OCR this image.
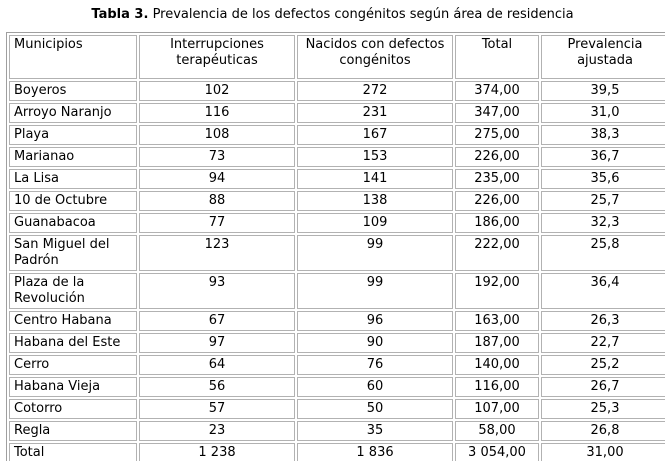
Tabla 3. Prevalencia de los defectos congénitos según área de residencia
Municipios	Interrupciones terapéuticas	Nacidos con defectos congénitos	Total	Prevalencia ajustada
Boyeros	102	272	374,00	39,5
Arroyo Naranjo	116	231	347,00	31,0
Playa	108	167	275,00	38,3
Marianao	73	153	226,00	36,7
La Lisa	94	141	235,00	35,6
10 de Octubre	88	138	226,00	25,7
Guanabacoa	77	109	186,00	32,3
San Miguel del Padrón	123	99	222,00	25,8
Plaza de la Revolución	93	99	192,00	36,4
Centro Habana	67	96	163,00	26,3
Habana del Este	97	90	187,00	22,7
Cerro	64	76	140,00	25,2
Habana Vieja	56	60	116,00	26,7
Cotorro	57	50	107,00	25,3
Regla	23	35	58,00	26,8
Total	1 238	1 836	3 054,00	31,00
